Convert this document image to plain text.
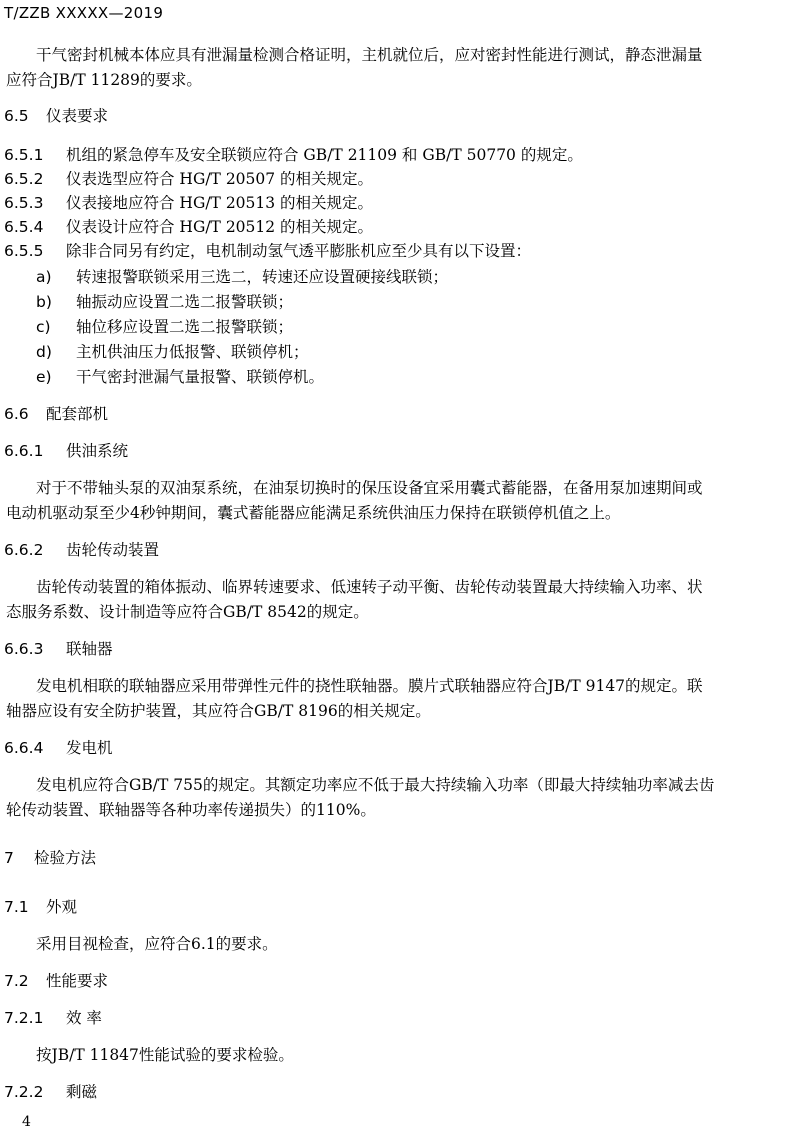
T/ZZB XXXXX—2019
干气密封机械本体应具有泄漏量检测合格证明，主机就位后，应对密封性能进行测试，静态泄漏量
应符合JB/T 11289的要求。
6.5 仪表要求
6.5.1 机组的紧急停车及安全联锁应符合 GB/T 21109 和 GB/T 50770 的规定。
6.5.2 仪表选型应符合 HG/T 20507 的相关规定。
6.5.3 仪表接地应符合 HG/T 20513 的相关规定。
6.5.4 仪表设计应符合 HG/T 20512 的相关规定。
6.5.5 除非合同另有约定，电机制动氢气透平膨胀机应至少具有以下设置：
a) 转速报警联锁采用三选二，转速还应设置硬接线联锁；
b) 轴振动应设置二选二报警联锁；
c) 轴位移应设置二选二报警联锁；
d) 主机供油压力低报警、联锁停机；
e) 干气密封泄漏气量报警、联锁停机。
6.6 配套部机
6.6.1 供油系统
对于不带轴头泵的双油泵系统，在油泵切换时的保压设备宜采用囊式蓄能器，在备用泵加速期间或
电动机驱动泵至少4秒钟期间，囊式蓄能器应能满足系统供油压力保持在联锁停机值之上。
6.6.2 齿轮传动装置
齿轮传动装置的箱体振动、临界转速要求、低速转子动平衡、齿轮传动装置最大持续输入功率、状
态服务系数、设计制造等应符合GB/T 8542的规定。
6.6.3 联轴器
发电机相联的联轴器应采用带弹性元件的挠性联轴器。膜片式联轴器应符合JB/T 9147的规定。联
轴器应设有安全防护装置，其应符合GB/T 8196的相关规定。
6.6.4 发电机
发电机应符合GB/T 755的规定。其额定功率应不低于最大持续输入功率（即最大持续轴功率减去齿
轮传动装置、联轴器等各种功率传递损失）的110%。
7 检验方法
7.1 外观
采用目视检查，应符合6.1的要求。
7.2 性能要求
7.2.1 效 率
按JB/T 11847性能试验的要求检验。
7.2.2 剩磁
4
